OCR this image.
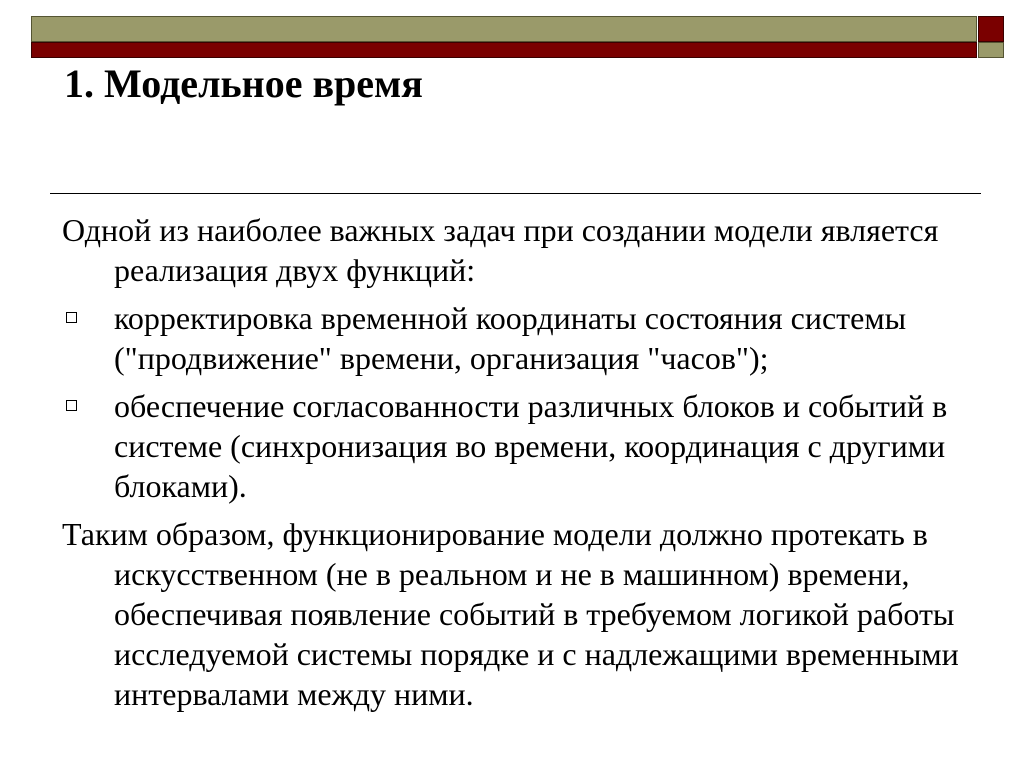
1. Модельное время

Одной из наиболее важных задач при создании модели является реализация двух функций:

корректировка временной координаты состояния системы ("продвижение" времени, организация "часов");
обеспечение согласованности различных блоков и событий в системе (синхронизация во времени, координация с другими блоками).

Таким образом, функционирование модели должно протекать в искусственном (не в реальном и не в машинном) времени, обеспечивая появление событий в требуемом логикой работы исследуемой системы порядке и с надлежащими временными интервалами между ними.
